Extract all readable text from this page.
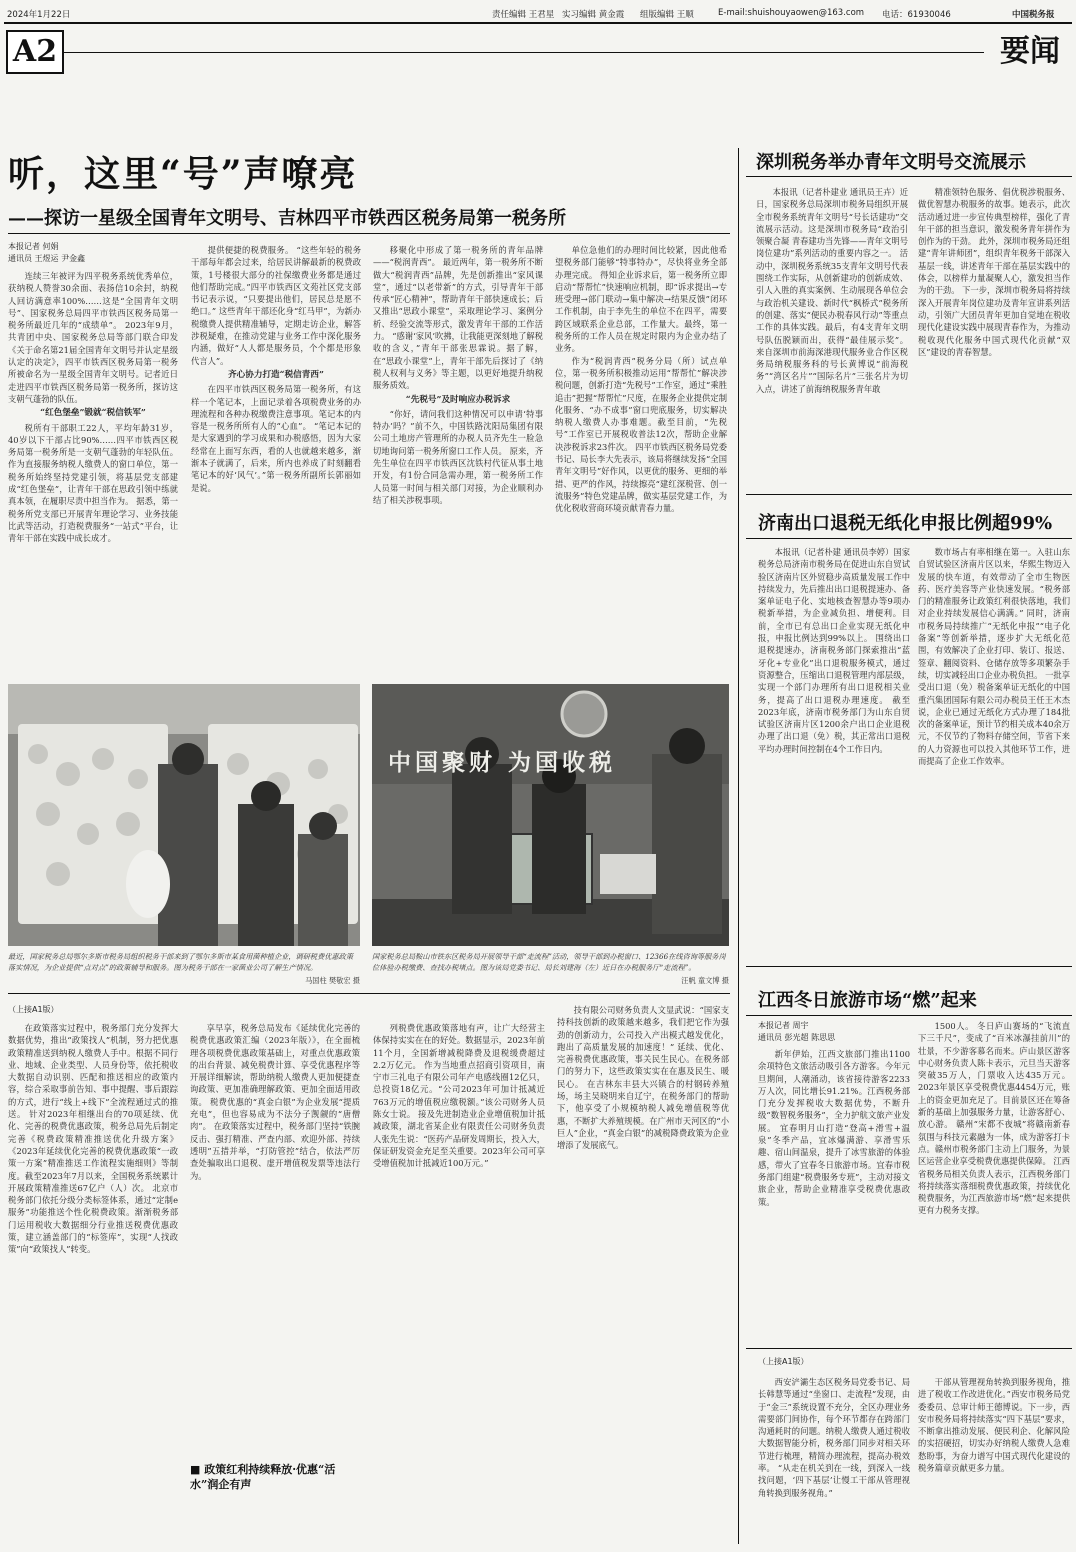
2024年1月22日	责任编辑 王君星 实习编辑 黄金霞 组版编辑 王顺	E-mail:shuishouyaowen@163.com 电话：61930046	中国税务报
A2	要闻
听，这里“号”声嘹亮
——探访一星级全国青年文明号、吉林四平市铁西区税务局第一税务所
本报记者 何娟
通讯员 王煜运 尹金鑫

连续三年被评为四平税务系统优秀单位，获纳税人赞誉30余面、表扬信10余封，纳税人回访满意率100%……这是“全国青年文明号”、国家税务总局四平市铁西区税务局第一税务所最近几年的“成绩单”。 2023年9月，共青团中央、国家税务总局等部门联合印发《关于命名第21届全国青年文明号并认定星级认定的决定》，四平市铁西区税务局第一税务所被命名为一星级全国青年文明号。记者近日走进四平市铁西区税务局第一税务所，探访这支朝气蓬勃的队伍。

“红色堡垒”锻就“税信铁军”

税所有干部职工22人，平均年龄31岁，40岁以下干部占比90%……四平市铁西区税务局第一税务所是一支朝气蓬勃的年轻队伍。作为直接服务纳税人缴费人的窗口单位，第一税务所始终坚持党建引领，将基层党支部建成“红色堡垒”，让青年干部在思政引领中练就真本领，在履职尽责中担当作为。 据悉，第一税务所党支部已开展青年理论学习、业务技能比武等活动，打造税费服务“一站式”平台，让青年干部在实践中成长成才。

提供便捷的税费服务。 “这些年轻的税务干部每年都会过来，给居民讲解最新的税费政策，1号楼很大部分的社保缴费业务都是通过他们帮助完成。”四平市铁西区文苑社区党支部书记表示说，“只要提出他们，居民总是愿不绝口。” 这些青年干部还化身“红马甲”，为新办税缴费人提供精准辅导，定期走访企业，解答涉税疑难，在推动党建与业务工作中深化服务内涵，做好“人人都是服务员，个个都是形象代言人”。

齐心协力打造“税信青西”

在四平市铁西区税务局第一税务所，有这样一个笔记本，上面记录着各项税费业务的办理流程和各种办税缴费注意事项。笔记本的内容是一税务所所有人的“心血”。 “笔记本记的是大家遇到的学习成果和办税感悟，因为大家经常在上面写东西，看的人也就越来越多，渐渐本子就满了，后来，所内也养成了时刻翻看笔记本的好‘风气’。”第一税务所副所长郭丽如是说。

移聚化中形成了第一税务所的青年品牌——“税润青西”。 最近两年，第一税务所不断做大“税润青西”品牌，先是创新推出“家风课堂”，通过“以老带新”的方式，引导青年干部传承“匠心精神”，帮助青年干部快速成长；后又推出“思政小课堂”，采取理论学习、案例分析、经验交流等形式，激发青年干部的工作活力。 “感谢‘家风’吹拂，让我能更深刻地了解税收的含义，”青年干部张思霖说。据了解，在“思政小课堂”上，青年干部先后探讨了《纳税人权利与义务》等主题，以更好地提升纳税服务质效。

“先税号”及时响应办税诉求

“你好，请问我们这种情况可以申请‘特事特办’吗？”前不久，中国铁路沈阳局集团有限公司土地房产管理所的办税人员齐先生一脸急切地询问第一税务所窗口工作人员。 原来，齐先生单位在四平市铁西区沈铁村代征从事土地开发，有1份合同急需办理，第一税务所工作人员第一时间与相关部门对接，为企业顺利办结了相关涉税事项。

单位急他们的办理时间比较紧，因此他希望税务部门能够“特事特办”，尽快将业务全部办理完成。 得知企业诉求后，第一税务所立即启动“帮帮忙”快速响应机制，即“诉求提出→专班受理→部门联动→集中解决→结果反馈”闭环工作机制，由于李先生的单位不在四平，需要跨区域联系企业总部，工作量大。最终，第一税务所的工作人员在规定时限内为企业办结了业务。

作为“税润青西”税务分局（所）试点单位，第一税务所积极推动运用“帮帮忙”解决涉税问题，创新打造“先税号”工作室，通过“乘胜追击”把握“帮帮忙”尺度，在服务企业提供定制化服务、“办不成事”窗口兜底服务，切实解决纳税人缴费人办事难题。截至目前，“先税号”工作室已开展税收普法12次，帮助企业解决涉税诉求23件次。 四平市铁西区税务局党委书记、局长李大先表示，该局将继续发扬“全国青年文明号”好作风，以更优的服务、更细的举措、更严的作风，持续擦亮“建红深税营、创一流服务”特色党建品牌，做实基层党建工作，为优化税收营商环境贡献青春力量。

中国聚财 为国收税
最近，国家税务总局鄂尔多斯市税务局组织税务干部来到了鄂尔多斯市某食用菌种植企业，调研税费优惠政策落实情况，为企业提供“点对点”的政策辅导和服务。图为税务干部在一家菌业公司了解生产情况。
马国柱 樊敬宏 摄
国家税务总局鞍山市铁东区税务局开展领导干部“走流程”活动，领导干部到办税窗口、12366在线咨询等服务岗位体验办税缴费、查找办税堵点。图为该局党委书记、局长刘建海（左）近日在办税服务厅“走流程”。
汪帆 童文博 摄
（上接A1版）

在政策落实过程中，税务部门充分发挥大数据优势，推出“政策找人”机制，努力把优惠政策精准送到纳税人缴费人手中。根据不同行业、地域、企业类型、人员身份等，依托税收大数据自动识别、匹配和推送相应的政策内容，综合采取事前告知、事中提醒、事后跟踪的方式，进行“线上+线下”全流程通过式的推送。 针对2023年相继出台的70项延续、优化、完善的税费优惠政策，税务总局先后制定完善《税费政策精准推送优化升级方案》《2023年延续优化完善的税费优惠政策“一政策一方案”精准推送工作流程实施细则》等制度。截至2023年7月以来，全国税务系统累计开展政策精准推送67亿户（人）次。 北京市税务部门依托分级分类标签体系，通过“定制e服务”功能推送个性化税费政策。渐渐税务部门运用税收大数据细分行业推送税费优惠政策，建立涵盖部门的“标签库”，实现“人找政策”向“政策找人”转变。

享早享，税务总局发布《延续优化完善的税费优惠政策汇编（2023年版）》，在全面梳理各项税费优惠政策基础上，对重点优惠政策的出台背景、减免税费计算、享受优惠程序等开展详细解读，帮助纳税人缴费人更加便捷查询政策、更加准确理解政策、更加全面适用政策。 税费优惠的“真金白银”为企业发展“提质充电”，但也容易成为不法分子觊觎的“唐僧肉”。 在政策落实过程中，税务部门坚持“铁腕反击、强打精准、严查内部、欢迎外部、持续透明”五措并举，“打防管控”结合，依法严厉查处骗取出口退税、虚开增值税发票等违法行为。

■ 政策红利持续释放·优惠“活水”润企有声

列税费优惠政策落地有声，让广大经营主体保持实实在在的好处。数据显示，2023年前11个月，全国新增减税降费及退税缓费超过2.2万亿元。 作为当地重点招商引资项目，南宁市三礼电子有限公司年产电感线圈12亿只，总投资18亿元。“公司2023年可加计抵减近763万元的增值税应缴税额。”该公司财务人员陈女士说。 接及先进制造业企业增值税加计抵减政策，湖北省某企业有限责任公司财务负责人张先生说：“医药产品研发周期长，投入大，保证研发资金充足至关重要。2023年公司可享受增值税加计抵减近100万元。”

技有限公司财务负责人文显武说：“国家支持科技创新的政策越来越多，我们把它作为强劲的创新动力，公司投入产出模式越发优化，跑出了高质量发展的加速度！” 延续、优化、完善税费优惠政策，事关民生民心。在税务部门的努力下，这些政策实实在在惠及民生、暖民心。 在吉林东丰县大兴镇合的村钢砖养殖场，场主吴晓明来自辽宁，在税务部门的帮助下，他享受了小规模纳税人减免增值税等优惠，不断扩大养殖规模。在广州市天河区的“小巨人”企业，“真金白银”的减税降费政策为企业增添了发展底气。

深圳税务举办青年文明号交流展示

本报讯（记者朴建业 通讯员王卉）近日，国家税务总局深圳市税务局组织开展全市税务系统青年文明号“号长话建功”交流展示活动。这是深圳市税务局“政治引领聚合凝 青春建功当先锋——青年文明号岗位建功”系列活动的重要内容之一。 活动中，深圳税务系统35支青年文明号代表围绕工作实际，从创新建功的创新成效、引人入胜的真实案例、生动展现各单位会与政治机关建设、新时代“枫桥式”税务所的创建、落实“便民办税春风行动”等重点工作的具体实践。最后，有4支青年文明号队伍脱颖而出，获得“最佳展示奖”。 来自深圳市前海深港现代服务业合作区税务局纳税服务科的号长黄博说“前海税务”“湾区名片”“国际名片”三张名片为切入点，讲述了前海纳税服务青年敢

精准领特色服务、倡优税涉税服务、做优智慧办税服务的故事。她表示，此次活动通过进一步宣传典型榜样，强化了青年干部的担当意识，激发税务青年拼作为创作为的干劲。 此外，深圳市税务局还组建“青年讲师团”，组织青年税务干部深入基层一线，讲述青年干部在基层实践中的体会，以榜样力量凝聚人心，激发担当作为的干劲。 下一步，深圳市税务局将持续深入开展青年岗位建功及青年宣讲系列活动，引领广大团员青年更加自觉地在税收现代化建设实践中展现青春作为，为推动税收现代化服务中国式现代化贡献“双区”建设的青春智慧。

济南出口退税无纸化申报比例超99%

本报讯（记者朴建 通讯员李婷）国家税务总局济南市税务局在促进山东自贸试验区济南片区外贸稳步高质量发展工作中持续发力，先后推出出口退税提速办、备案单证电子化、实地核查智慧办等9项办税新举措，为企业减负担、增便利。目前，全市已有总出口企业实现无纸化申报，申报比例达到99%以上。 围绕出口退税提速办，济南税务部门探索推出“蓝牙化+专业化”出口退税服务模式，通过资源整合，压缩出口退税管理内部层级，实现一个部门办理所有出口退税相关业务，提高了出口退税办理速度。 截至2023年底，济南市税务部门为山东自贸试验区济南片区1200余户出口企业退税办理了出口退（免）税，其正常出口退税平均办理时间控制在4个工作日内。

数市场占有率相继在第一。入驻山东自贸试验区济南片区以来，华熙生物迈入发展的快车道，有效带动了全市生物医药、医疗美容等产业快速发展。“税务部门的精准服务让政策红利很快落地，我们对企业持续发展信心满满。” 同时，济南市税务局持续推广“无纸化申报”“电子化备案”等创新举措，逐步扩大无纸化范围，有效解决了企业打印、装订、报送、签章、翻阅资料、仓储存放等多项繁杂手续，切实减轻出口企业办税负担。 一批享受出口退（免）税备案单证无纸化的中国重汽集团国际有限公司办税员王任王木杰说，企业已通过无纸化方式办理了184批次的备案单证，预计节约相关成本40余万元，不仅节约了物料存储空间，节省下来的人力资源也可以投入其他环节工作，进而提高了企业工作效率。

江西冬日旅游市场“燃”起来
本报记者 周宇
通讯员 彭光超 陈思思

新年伊始，江西文旅部门推出1100余项特色文旅活动吸引各方游客。今年元旦期间，人潮涌动，该省接待游客2233万人次，同比增长91.21%。江西税务部门充分发挥税收大数据优势，不断升级“数智税务服务”，全力护航文旅产业发展。 宜春明月山打造“登高+滑雪+温泉”冬季产品，宜冰爆满游、享滑雪乐趣、宿山间温泉，提升了冰雪旅游的体验感，带火了宜春冬日旅游市场。宜春市税务部门组建“税费服务专班”，主动对接文旅企业，帮助企业精准享受税费优惠政策。

1500人。 冬日庐山赛场的“飞流直下三千尺”，变成了“百米冰瀑挂前川”的壮景，不少游客慕名而来。庐山景区游客中心财务负责人陈卡表示，元旦当天游客突破35万人，门票收入达435万元。2023年景区享受税费优惠4454万元，账上的资金更加充足了。目前景区还在筹备新的基础上加强服务力量，让游客舒心、放心游。 赣州“宋都不夜城”将赣南新春氛围与科技元素融为一体，成为游客打卡点。赣州市税务部门主动上门服务，为景区运营企业享受税费优惠提供保障。 江西省税务局相关负责人表示，江西税务部门将持续落实落细税费优惠政策，持续优化税费服务，为江西旅游市场“燃”起来提供更有力税务支撑。

（上接A1版）

西安浐灞生态区税务局党委书记、局长韩慧等通过“坐窗口、走流程”发现，由于“金三”系统设置不充分，全区办理业务需要部门间协作，每个环节都存在跨部门沟通耗时的问题。纳税人缴费人通过税收大数据智能分析，税务部门同步对相关环节进行梳理，精简办理流程，提高办税效率。 “从走在机关到在一线，到深入一线找问题，‘四下基层’让慢工干部从管理视角转换到服务视角。”

干部从管理视角转换到服务视角，推进了税收工作改进优化。”西安市税务局党委委员、总审计师王德博说。下一步，西安市税务局将持续落实“四下基层”要求，不断拿出推动发展、便民利企、化解风险的实招硬招，切实办好纳税人缴费人急难愁盼事，为奋力谱写中国式现代化建设的税务篇章贡献更多力量。
